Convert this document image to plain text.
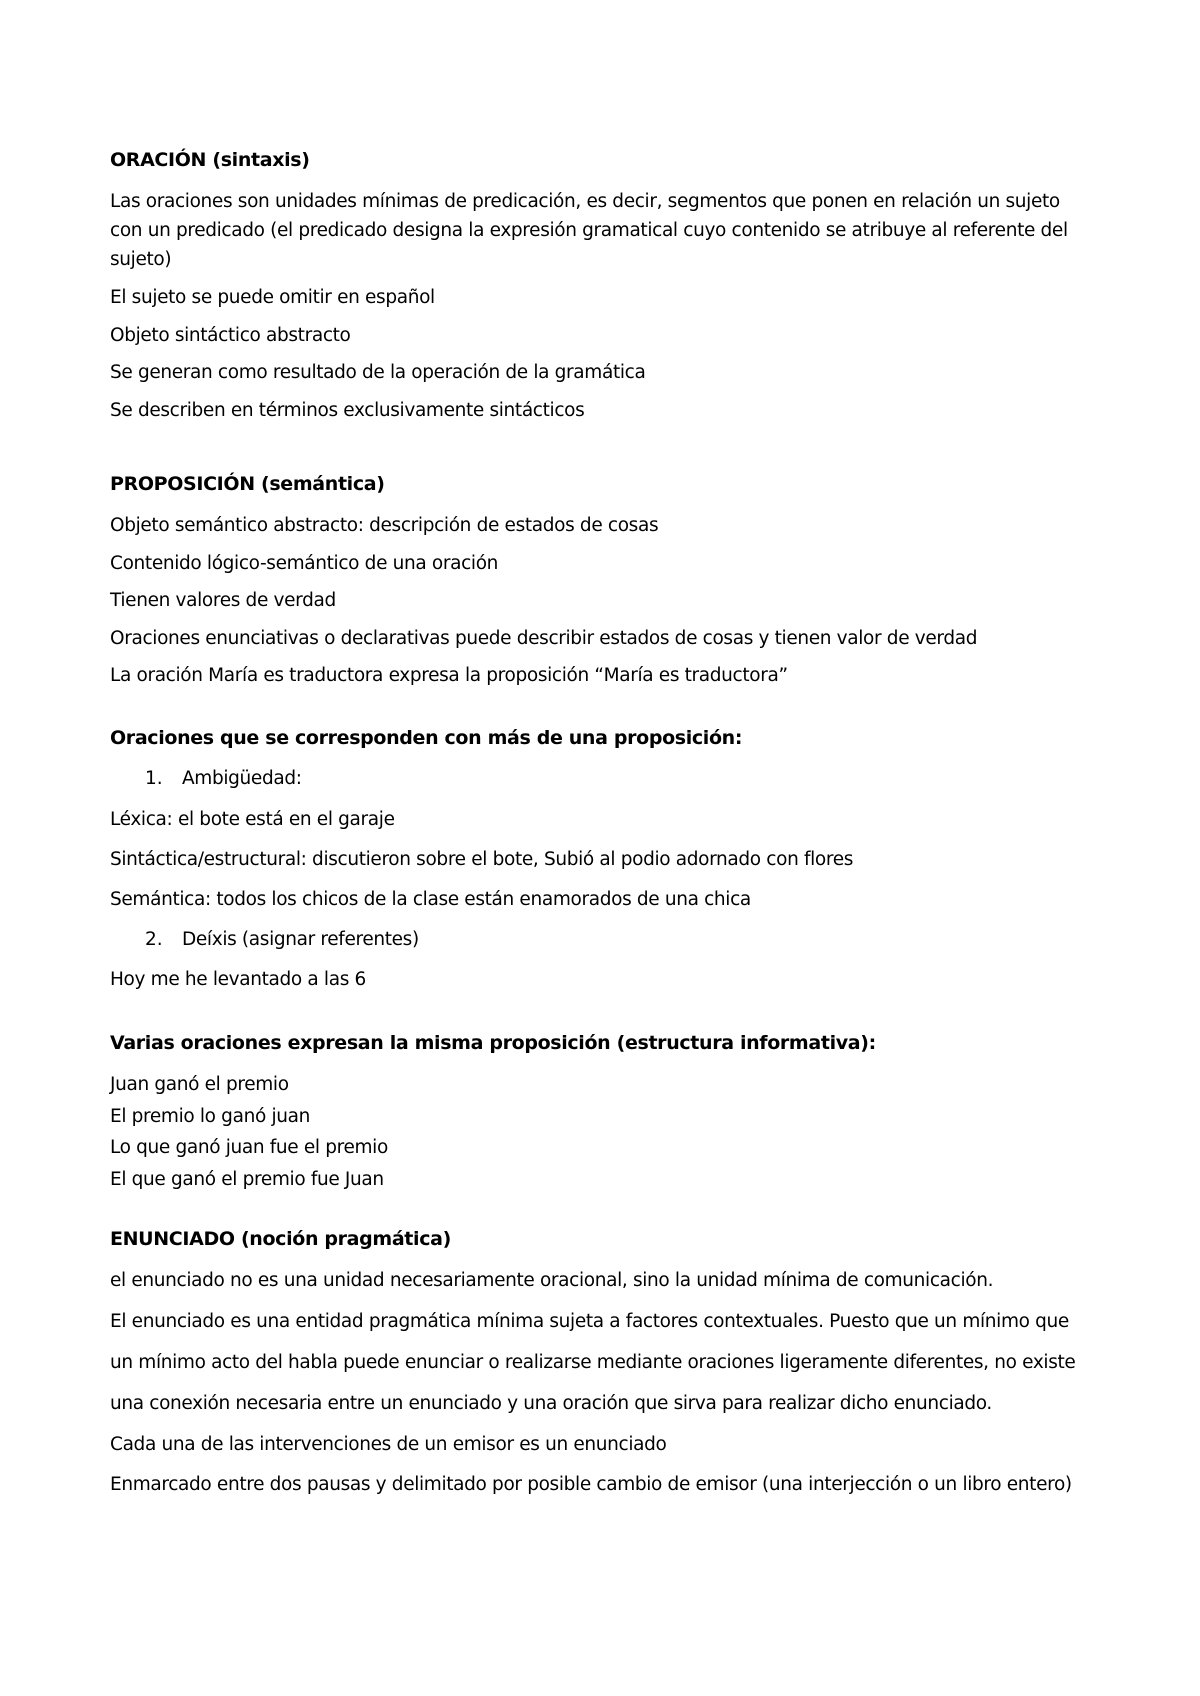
ORACIÓN (sintaxis)
Las oraciones son unidades mínimas de predicación, es decir, segmentos que ponen en relación un sujeto
con un predicado (el predicado designa la expresión gramatical cuyo contenido se atribuye al referente del
sujeto)
El sujeto se puede omitir en español
Objeto sintáctico abstracto
Se generan como resultado de la operación de la gramática
Se describen en términos exclusivamente sintácticos
PROPOSICIÓN (semántica)
Objeto semántico abstracto: descripción de estados de cosas
Contenido lógico-semántico de una oración
Tienen valores de verdad
Oraciones enunciativas o declarativas puede describir estados de cosas y tienen valor de verdad
La oración María es traductora expresa la proposición “María es traductora”
Oraciones que se corresponden con más de una proposición:
1. Ambigüedad:
Léxica: el bote está en el garaje
Sintáctica/estructural: discutieron sobre el bote, Subió al podio adornado con flores
Semántica: todos los chicos de la clase están enamorados de una chica
2. Deíxis (asignar referentes)
Hoy me he levantado a las 6
Varias oraciones expresan la misma proposición (estructura informativa):
Juan ganó el premio
El premio lo ganó juan
Lo que ganó juan fue el premio
El que ganó el premio fue Juan
ENUNCIADO (noción pragmática)
el enunciado no es una unidad necesariamente oracional, sino la unidad mínima de comunicación.
El enunciado es una entidad pragmática mínima sujeta a factores contextuales. Puesto que un mínimo que
un mínimo acto del habla puede enunciar o realizarse mediante oraciones ligeramente diferentes, no existe
una conexión necesaria entre un enunciado y una oración que sirva para realizar dicho enunciado.
Cada una de las intervenciones de un emisor es un enunciado
Enmarcado entre dos pausas y delimitado por posible cambio de emisor (una interjección o un libro entero)
